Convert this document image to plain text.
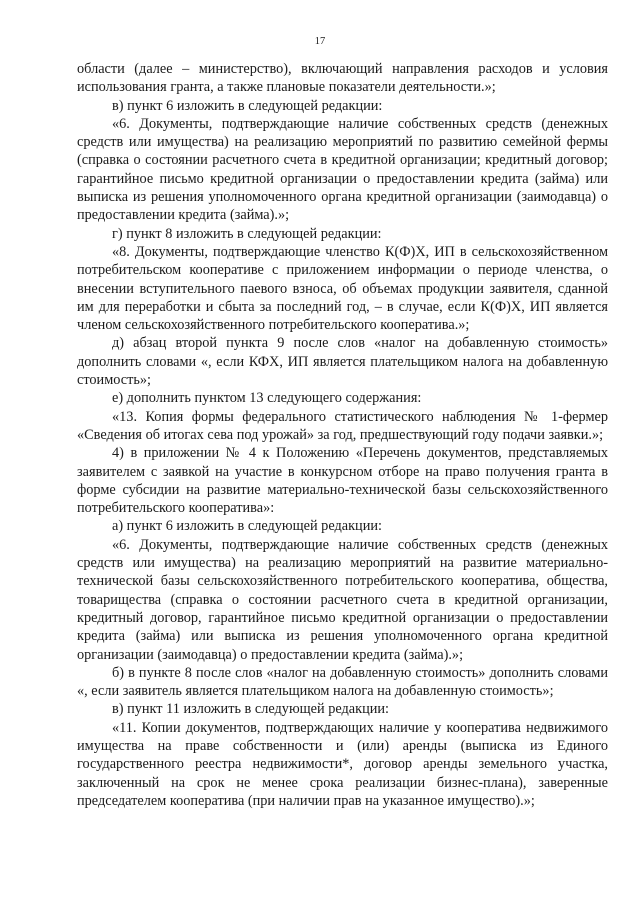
17

области (далее – министерство), включающий направления расходов и условия использования гранта, а также плановые показатели деятельности.»;

в) пункт 6 изложить в следующей редакции:

«6. Документы, подтверждающие наличие собственных средств (денежных средств или имущества) на реализацию мероприятий по развитию семейной фермы (справка о состоянии расчетного счета в кредитной организации; кредитный договор; гарантийное письмо кредитной организации о предоставлении кредита (займа) или выписка из решения уполномоченного органа кредитной организации (заимодавца) о предоставлении кредита (займа).»;

г) пункт 8 изложить в следующей редакции:

«8. Документы, подтверждающие членство К(Ф)Х, ИП в сельскохозяйственном потребительском кооперативе с приложением информации о периоде членства, о внесении вступительного паевого взноса, об объемах продукции заявителя, сданной им для переработки и сбыта за последний год, – в случае, если К(Ф)Х, ИП является членом сельскохозяйственного потребительского кооператива.»;

д) абзац второй пункта 9 после слов «налог на добавленную стоимость» дополнить словами «, если КФХ, ИП является плательщиком налога на добавленную стоимость»;

е) дополнить пунктом 13 следующего содержания:

«13. Копия формы федерального статистического наблюдения № 1-фермер «Сведения об итогах сева под урожай» за год, предшествующий году подачи заявки.»;

4) в приложении № 4 к Положению «Перечень документов, представляемых заявителем с заявкой на участие в конкурсном отборе на право получения гранта в форме субсидии на развитие материально-технической базы сельскохозяйственного потребительского кооператива»:

а) пункт 6 изложить в следующей редакции:

«6. Документы, подтверждающие наличие собственных средств (денежных средств или имущества) на реализацию мероприятий на развитие материально-технической базы сельскохозяйственного потребительского кооператива, общества, товарищества (справка о состоянии расчетного счета в кредитной организации, кредитный договор, гарантийное письмо кредитной организации о предоставлении кредита (займа) или выписка из решения уполномоченного органа кредитной организации (заимодавца) о предоставлении кредита (займа).»;

б) в пункте 8 после слов «налог на добавленную стоимость» дополнить словами «, если заявитель является плательщиком налога на добавленную стоимость»;

в) пункт 11 изложить в следующей редакции:

«11. Копии документов, подтверждающих наличие у кооператива недвижимого имущества на праве собственности и (или) аренды (выписка из Единого государственного реестра недвижимости*, договор аренды земельного участка, заключенный на срок не менее срока реализации бизнес-плана), заверенные председателем кооператива (при наличии прав на указанное имущество).»;
